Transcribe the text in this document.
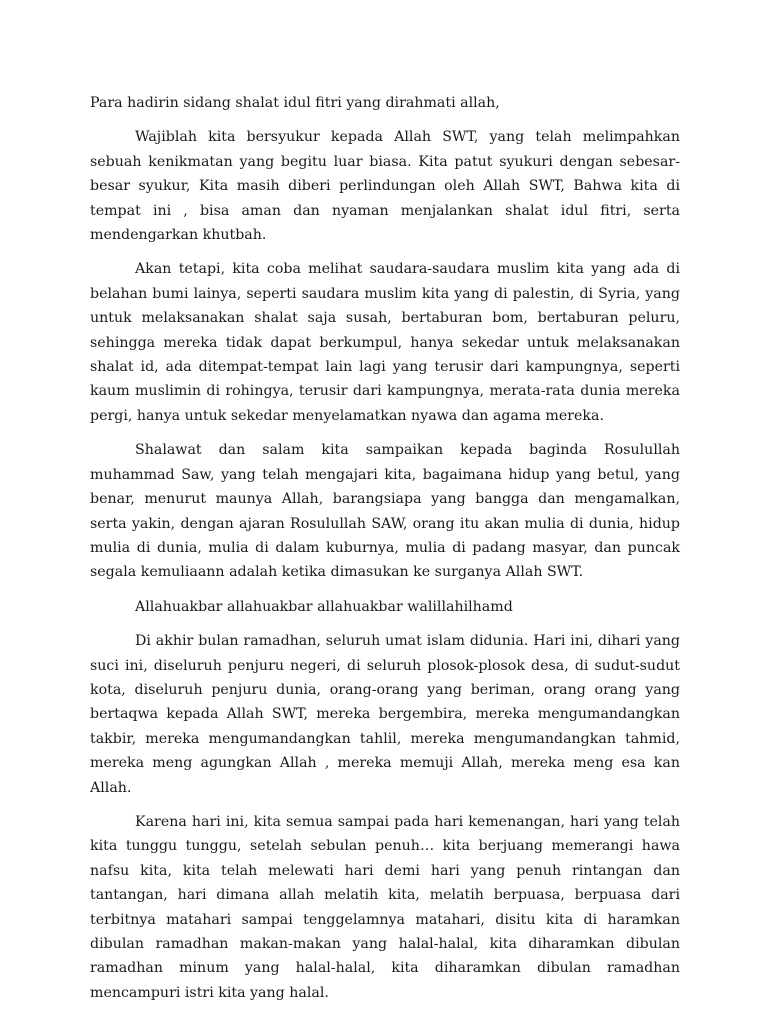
Para hadirin sidang shalat idul fitri yang dirahmati allah,

Wajiblah kita bersyukur kepada Allah SWT, yang telah melimpahkan sebuah kenikmatan yang begitu luar biasa. Kita patut syukuri dengan sebesar-besar syukur, Kita masih diberi perlindungan oleh Allah SWT, Bahwa kita di tempat ini , bisa aman dan nyaman menjalankan shalat idul fitri, serta mendengarkan khutbah.

Akan tetapi, kita coba melihat saudara-saudara muslim kita yang ada di belahan bumi lainya, seperti saudara muslim kita yang di palestin, di Syria, yang untuk melaksanakan shalat saja susah, bertaburan bom, bertaburan peluru, sehingga mereka tidak dapat berkumpul, hanya sekedar untuk melaksanakan shalat id, ada ditempat-tempat lain lagi yang terusir dari kampungnya, seperti kaum muslimin di rohingya, terusir dari kampungnya, merata-rata dunia mereka pergi, hanya untuk sekedar menyelamatkan nyawa dan agama mereka.

Shalawat dan salam kita sampaikan kepada baginda Rosulullah muhammad Saw, yang telah mengajari kita, bagaimana hidup yang betul, yang benar, menurut maunya Allah, barangsiapa yang bangga dan mengamalkan, serta yakin, dengan ajaran Rosulullah SAW, orang itu akan mulia di dunia, hidup mulia di dunia, mulia di dalam kuburnya, mulia di padang masyar, dan puncak segala kemuliaann adalah ketika dimasukan ke surganya Allah SWT.

Allahuakbar allahuakbar allahuakbar walillahilhamd

Di akhir bulan ramadhan, seluruh umat islam didunia. Hari ini, dihari yang suci ini, diseluruh penjuru negeri, di seluruh plosok-plosok desa, di sudut-sudut kota, diseluruh penjuru dunia, orang-orang yang beriman, orang orang yang bertaqwa kepada Allah SWT, mereka bergembira, mereka mengumandangkan takbir, mereka mengumandangkan tahlil, mereka mengumandangkan tahmid, mereka meng agungkan Allah , mereka memuji Allah, mereka meng esa kan Allah.

Karena hari ini, kita semua sampai pada hari kemenangan, hari yang telah kita tunggu tunggu, setelah sebulan penuh… kita berjuang memerangi hawa nafsu kita, kita telah melewati hari demi hari yang penuh rintangan dan tantangan, hari dimana allah melatih kita, melatih berpuasa, berpuasa dari terbitnya matahari sampai tenggelamnya matahari, disitu kita di haramkan dibulan ramadhan makan-makan yang halal-halal, kita diharamkan dibulan ramadhan minum yang halal-halal, kita diharamkan dibulan ramadhan mencampuri istri kita yang halal.
